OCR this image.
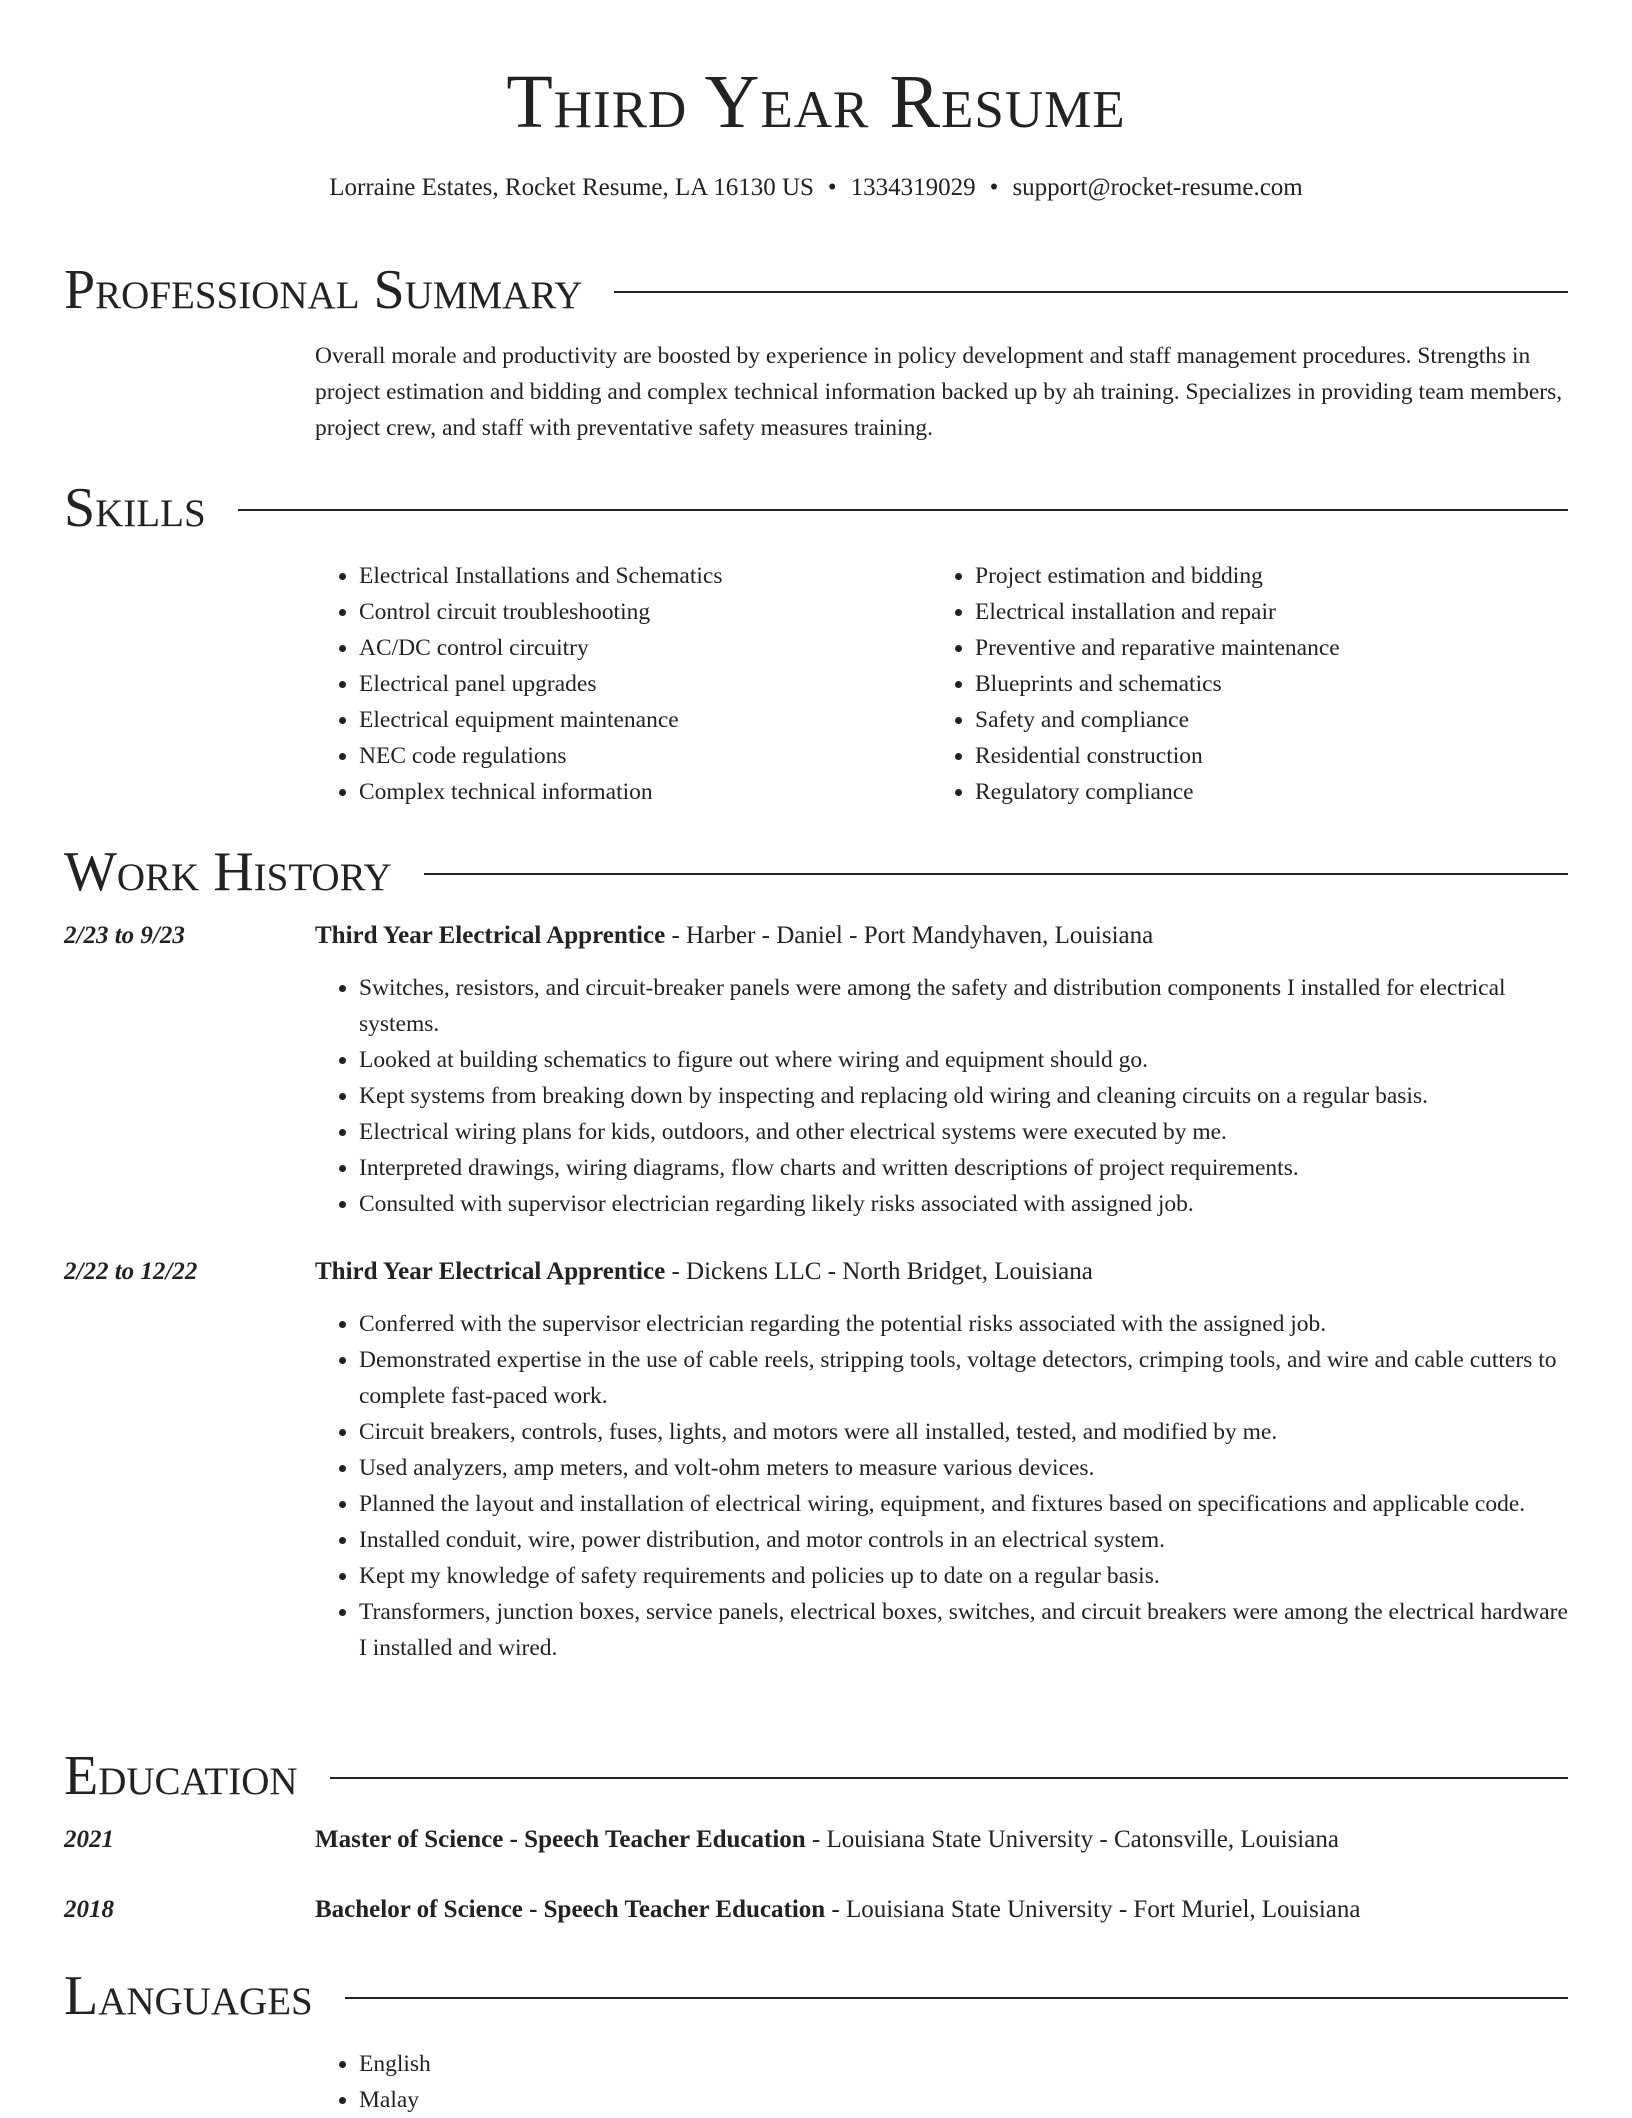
Third Year Resume
Lorraine Estates, Rocket Resume, LA 16130 US • 1334319029 • support@rocket-resume.com
Professional Summary

Overall morale and productivity are boosted by experience in policy development and staff management procedures. Strengths in project estimation and bidding and complex technical information backed up by ah training. Specializes in providing team members, project crew, and staff with preventative safety measures training.

Skills
• Electrical Installations and Schematics
• Control circuit troubleshooting
• AC/DC control circuitry
• Electrical panel upgrades
• Electrical equipment maintenance
• NEC code regulations
• Complex technical information
• Project estimation and bidding
• Electrical installation and repair
• Preventive and reparative maintenance
• Blueprints and schematics
• Safety and compliance
• Residential construction
• Regulatory compliance
Work History
2/23 to 9/23	Third Year Electrical Apprentice - Harber - Daniel - Port Mandyhaven, Louisiana
• Switches, resistors, and circuit-breaker panels were among the safety and distribution components I installed for electrical systems.
• Looked at building schematics to figure out where wiring and equipment should go.
• Kept systems from breaking down by inspecting and replacing old wiring and cleaning circuits on a regular basis.
• Electrical wiring plans for kids, outdoors, and other electrical systems were executed by me.
• Interpreted drawings, wiring diagrams, flow charts and written descriptions of project requirements.
• Consulted with supervisor electrician regarding likely risks associated with assigned job.
2/22 to 12/22	Third Year Electrical Apprentice - Dickens LLC - North Bridget, Louisiana
• Conferred with the supervisor electrician regarding the potential risks associated with the assigned job.
• Demonstrated expertise in the use of cable reels, stripping tools, voltage detectors, crimping tools, and wire and cable cutters to complete fast-paced work.
• Circuit breakers, controls, fuses, lights, and motors were all installed, tested, and modified by me.
• Used analyzers, amp meters, and volt-ohm meters to measure various devices.
• Planned the layout and installation of electrical wiring, equipment, and fixtures based on specifications and applicable code.
• Installed conduit, wire, power distribution, and motor controls in an electrical system.
• Kept my knowledge of safety requirements and policies up to date on a regular basis.
• Transformers, junction boxes, service panels, electrical boxes, switches, and circuit breakers were among the electrical hardware I installed and wired.
Education
2021	Master of Science - Speech Teacher Education - Louisiana State University - Catonsville, Louisiana
2018	Bachelor of Science - Speech Teacher Education - Louisiana State University - Fort Muriel, Louisiana
Languages
• English
• Malay
